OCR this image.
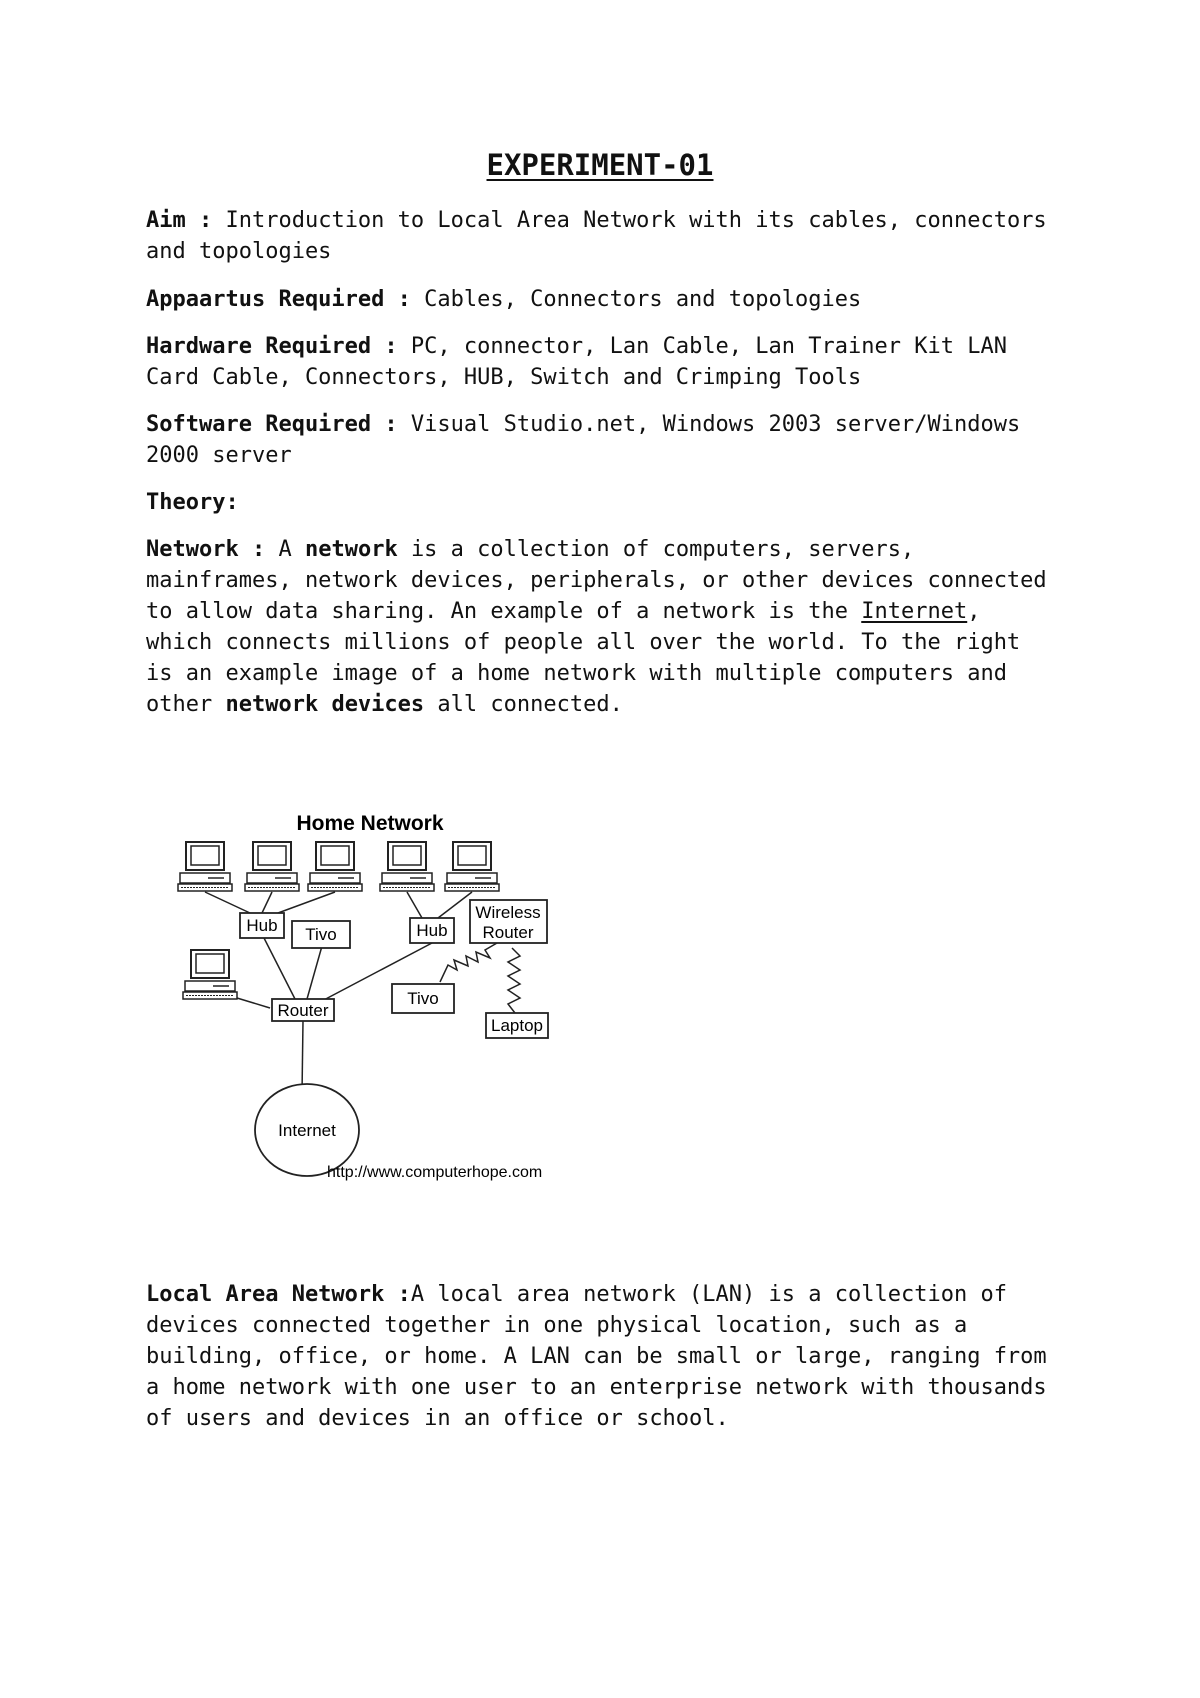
EXPERIMENT-01

Aim : Introduction to Local Area Network with its cables, connectors
and topologies

Appaartus Required : Cables, Connectors and topologies

Hardware Required : PC, connector, Lan Cable, Lan Trainer Kit LAN
Card Cable, Connectors, HUB, Switch and Crimping Tools

Software Required : Visual Studio.net, Windows 2003 server/Windows
2000 server

Theory:

Network : A network is a collection of computers, servers,
mainframes, network devices, peripherals, or other devices connected
to allow data sharing. An example of a network is the Internet,
which connects millions of people all over the world. To the right
is an example image of a home network with multiple computers and
other network devices all connected.

Home Network
Hub Tivo	Hub
Wireless
Router
Router
Tivo
Laptop
Internet
http://www.computerhope.com

Local Area Network :A local area network (LAN) is a collection of
devices connected together in one physical location, such as a
building, office, or home. A LAN can be small or large, ranging from
a home network with one user to an enterprise network with thousands
of users and devices in an office or school.
